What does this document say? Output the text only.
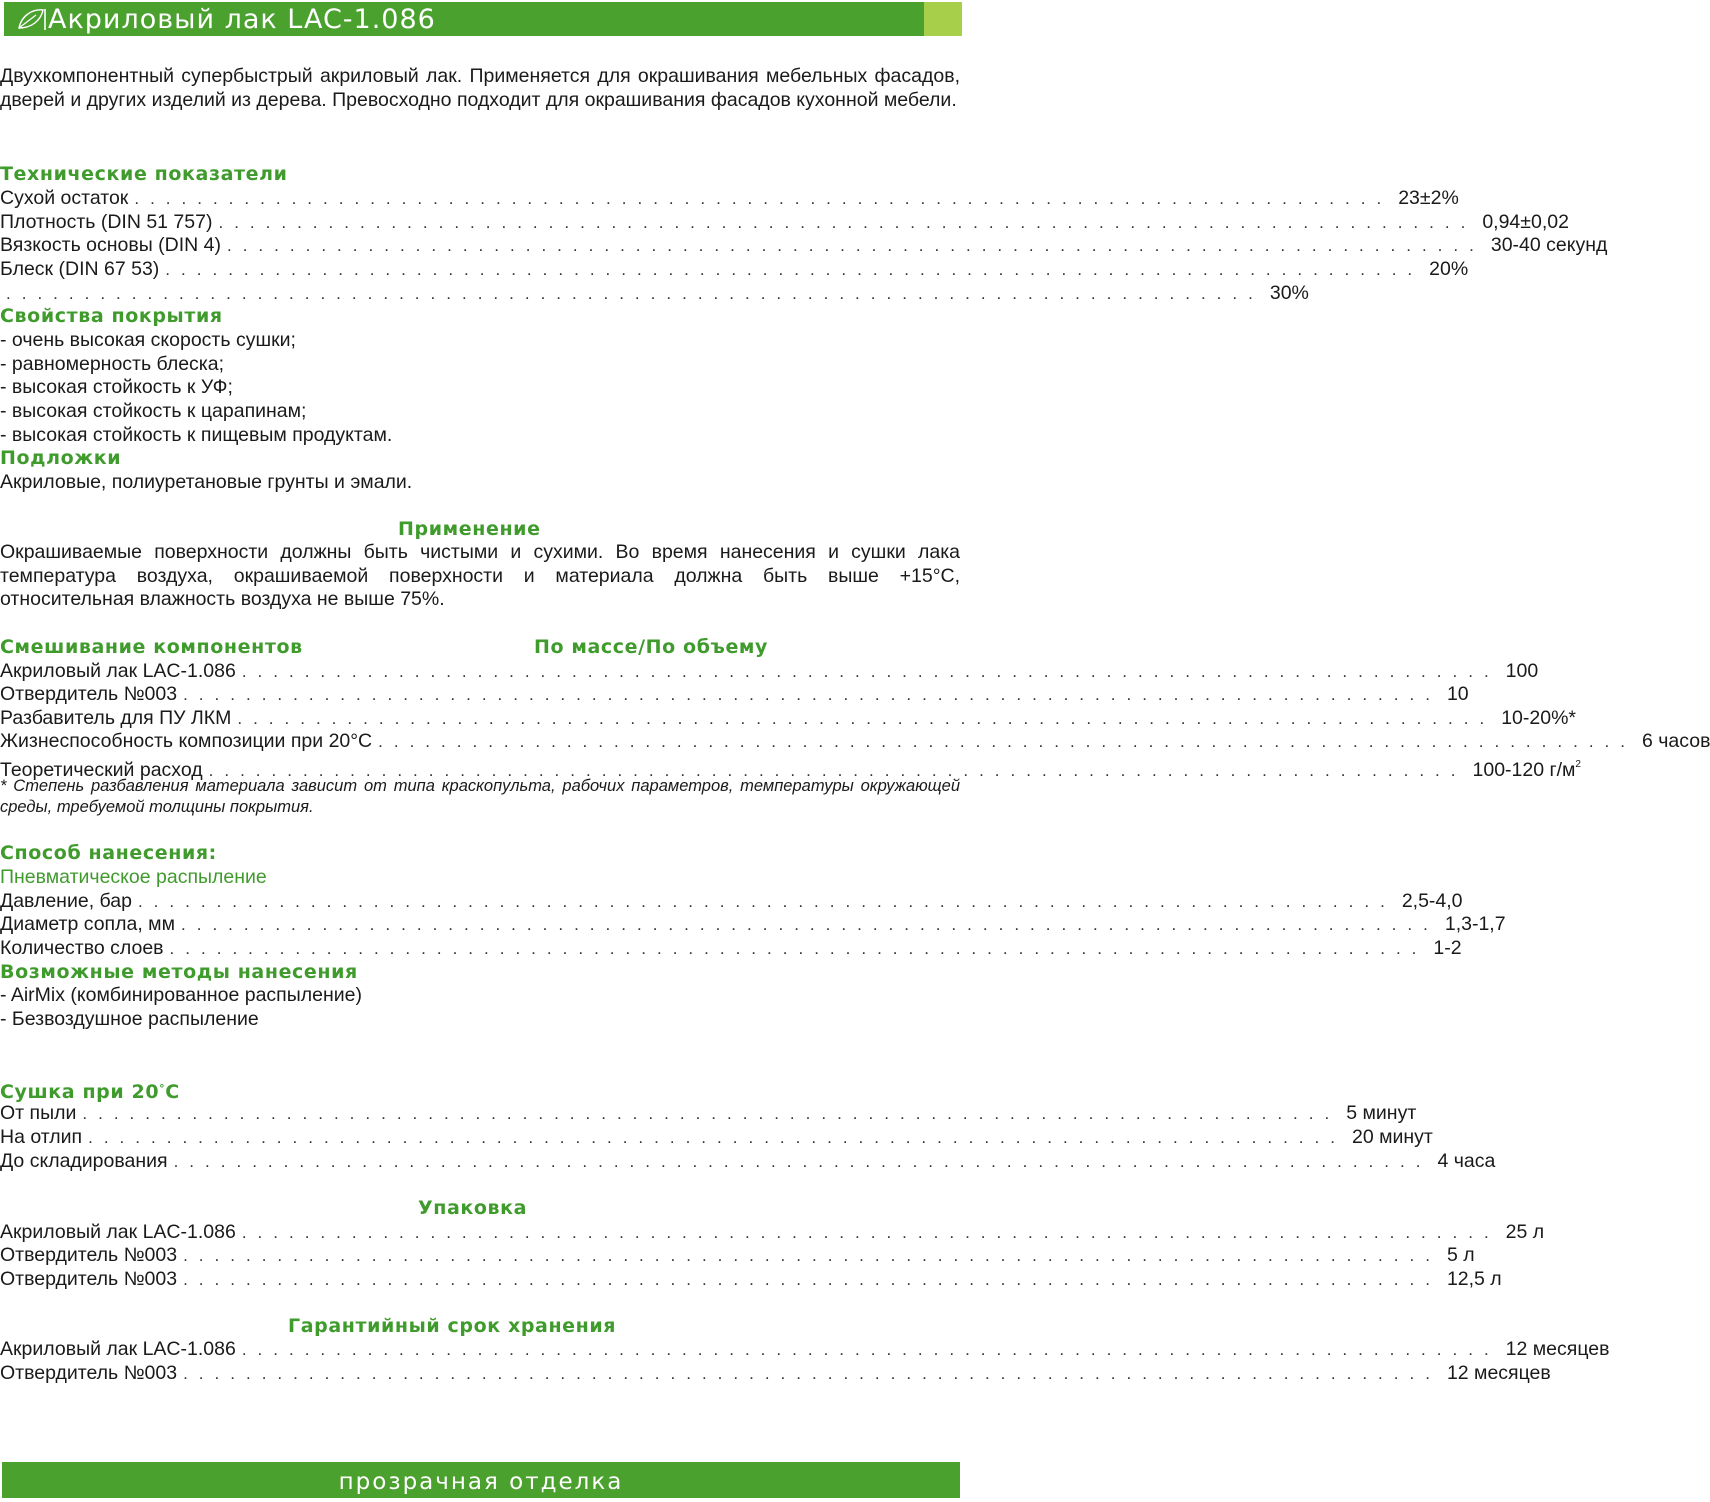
Акриловый лак LAC-1.086
Двухкомпонентный супербыстрый акриловый лак. Применяется для окрашивания мебельных фасадов, дверей и других изделий из дерева. Превосходно подходит для окрашивания фасадов кухонной мебели.
Технические показатели
Сухой остаток ................................................................................ 23±2%
Плотность (DIN 51 757) ................................................................................ 0,94±0,02
Вязкость основы (DIN 4) ................................................................................ 30-40 секунд
Блеск (DIN 67 53) ................................................................................ 20%
................................................................................ 30%
Свойства покрытия
- очень высокая скорость сушки;
- равномерность блеска;
- высокая стойкость к УФ;
- высокая стойкость к царапинам;
- высокая стойкость к пищевым продуктам.
Подложки
Акриловые, полиуретановые грунты и эмали.
Применение
Окрашиваемые поверхности должны быть чистыми и сухими. Во время нанесения и сушки лака температура воздуха, окрашиваемой поверхности и материала должна быть выше +15°С, относительная влажность воздуха не выше 75%.
Смешивание компонентов	По массе/По объему
Акриловый лак LAC-1.086 ................................................................................ 100
Отвердитель №003 ................................................................................ 10
Разбавитель для ПУ ЛКМ ................................................................................ 10-20%*
Жизнеспособность композиции при 20°С ................................................................................ 6 часов
Теоретический расход ................................................................................ 100-120 $г/м^2$
* Степень разбавления материала зависит от типа краскопульта, рабочих параметров, температуры окружающей среды, требуемой толщины покрытия.
Способ нанесения:
Пневматическое распыление
Давление, бар ................................................................................ 2,5-4,0
Диаметр сопла, мм ................................................................................ 1,3-1,7
Количество слоев ................................................................................ 1-2
Возможные методы нанесения
- AirMix (комбинированное распыление)
- Безвоздушное распыление
Сушка при 20°С
От пыли ................................................................................ 5 минут
На отлип ................................................................................ 20 минут
До складирования ................................................................................ 4 часа
Упаковка
Акриловый лак LAC-1.086 ................................................................................ 25 л
Отвердитель №003 ................................................................................ 5 л
Отвердитель №003 ................................................................................ 12,5 л
Гарантийный срок хранения
Акриловый лак LAC-1.086 ................................................................................ 12 месяцев
Отвердитель №003 ................................................................................ 12 месяцев
прозрачная отделка
